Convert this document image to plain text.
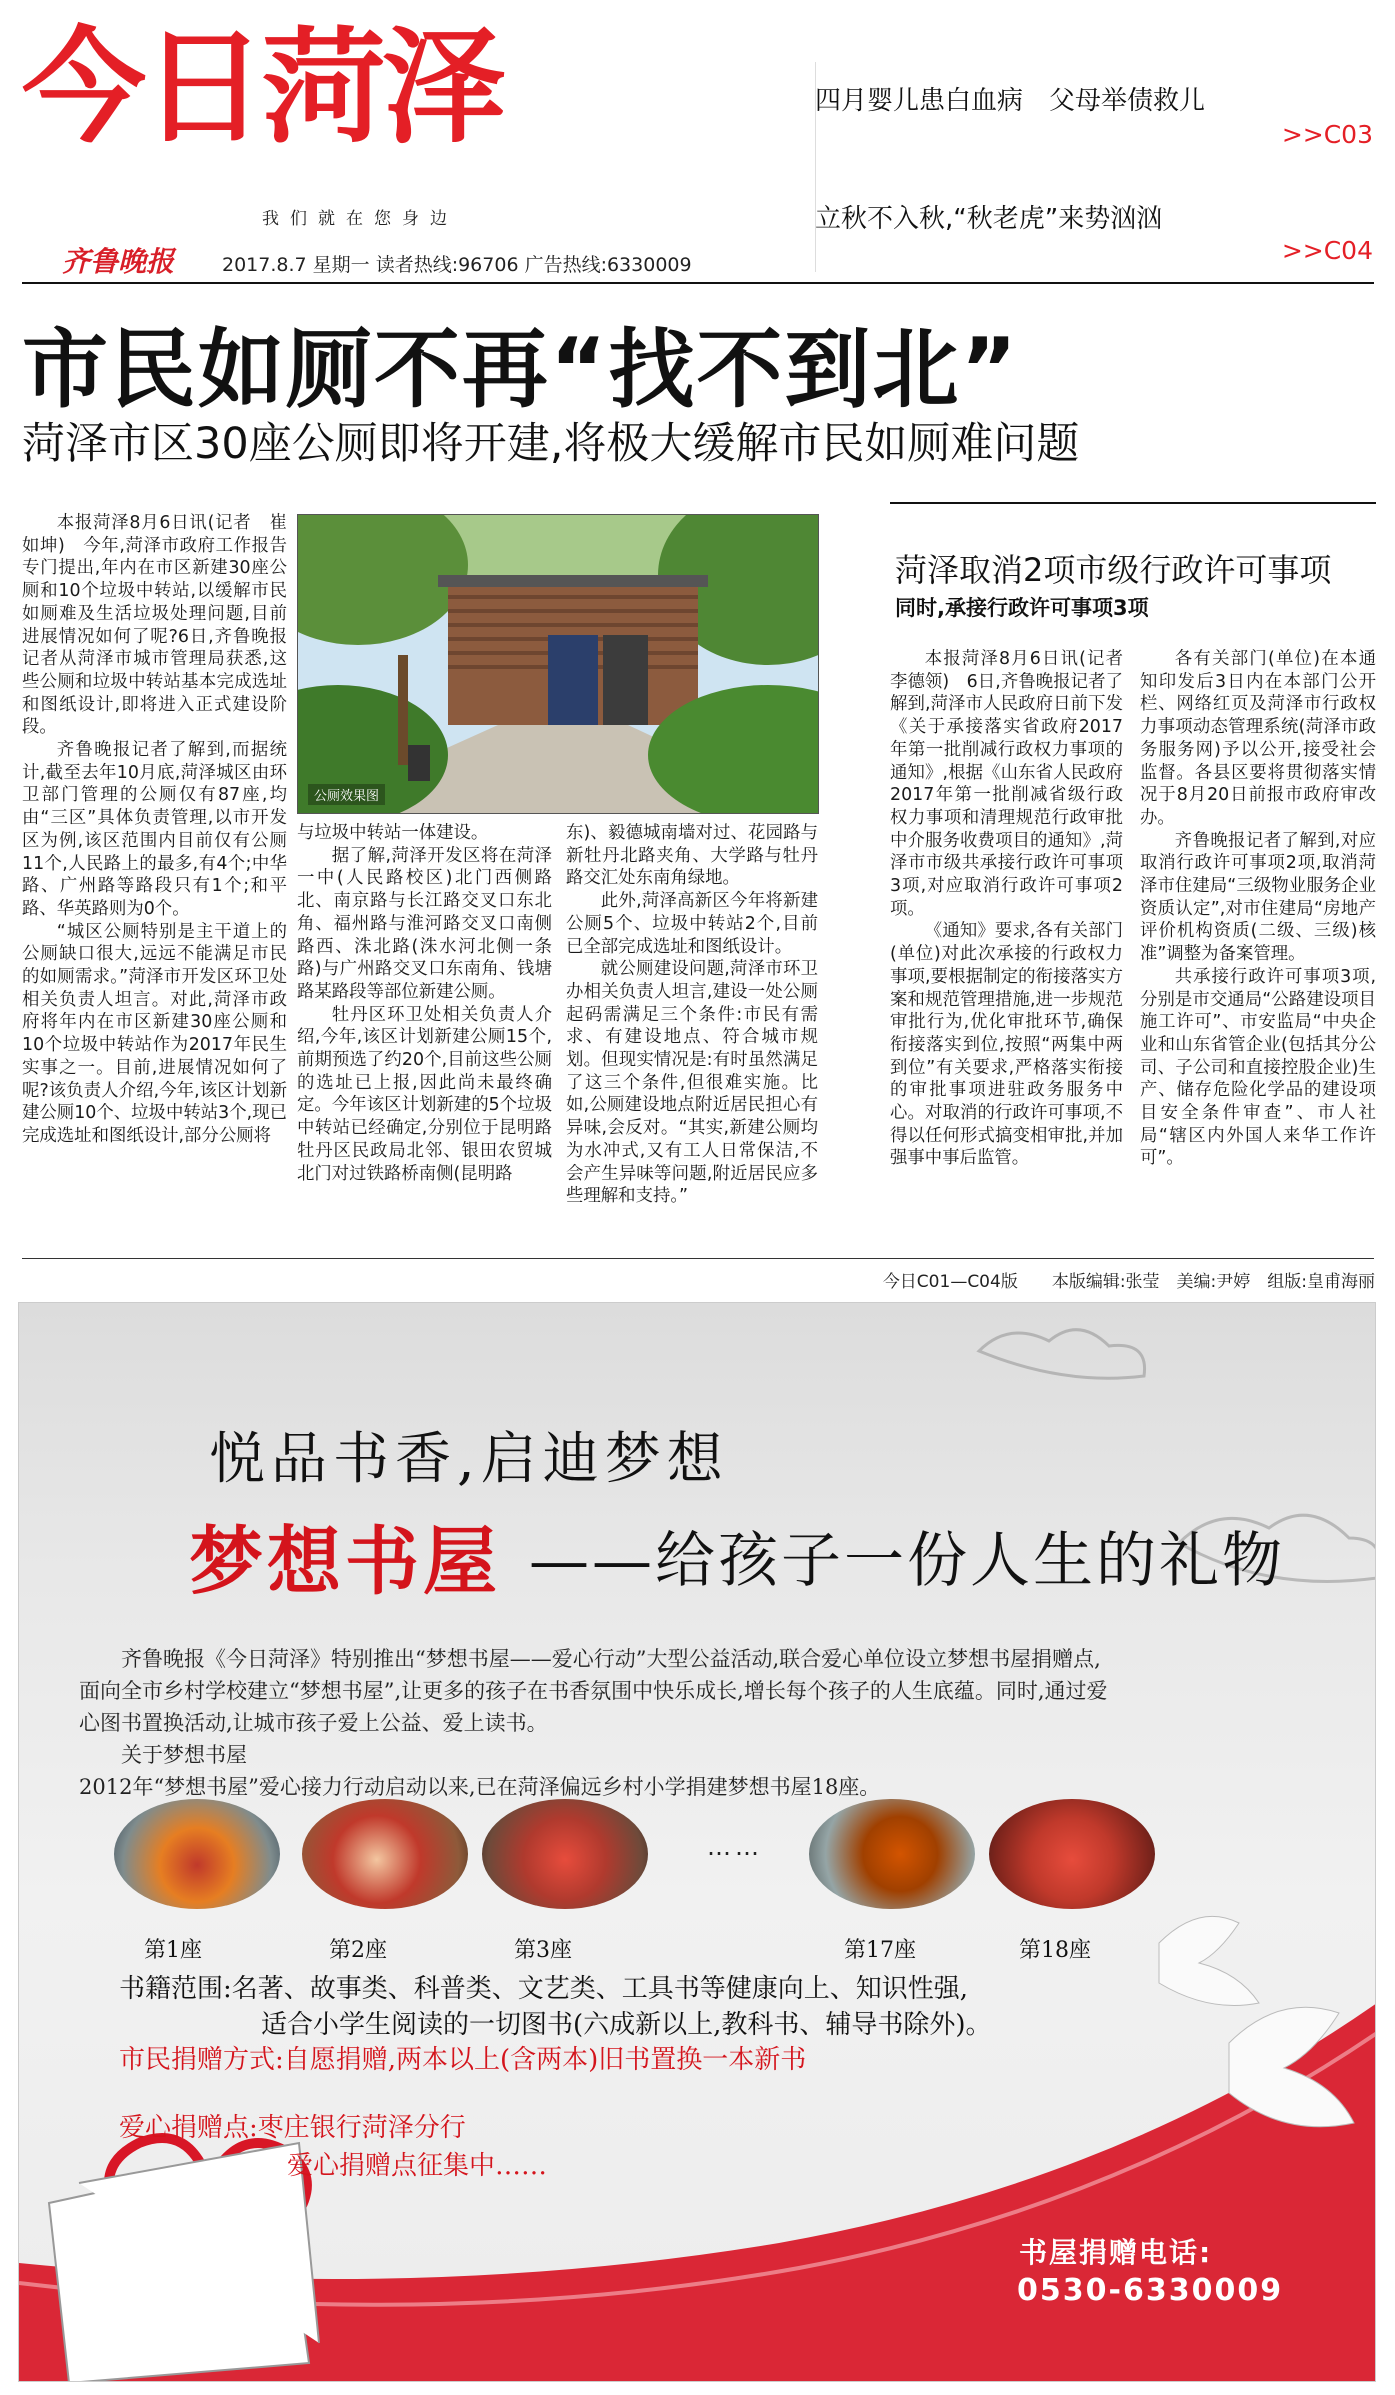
今日菏泽
我们就在您身边
齐鲁晚报	2017.8.7 星期一 读者热线:96706 广告热线:6330009
四月婴儿患白血病　父母举债救儿
>>C03
立秋不入秋,“秋老虎”来势汹汹
>>C04
市民如厕不再“找不到北”
菏泽市区30座公厕即将开建,将极大缓解市民如厕难问题

本报菏泽8月6日讯(记者　崔如坤)　今年,菏泽市政府工作报告专门提出,年内在市区新建30座公厕和10个垃圾中转站,以缓解市民如厕难及生活垃圾处理问题,目前进展情况如何了呢?6日,齐鲁晚报记者从菏泽市城市管理局获悉,这些公厕和垃圾中转站基本完成选址和图纸设计,即将进入正式建设阶段。

齐鲁晚报记者了解到,而据统计,截至去年10月底,菏泽城区由环卫部门管理的公厕仅有87座,均由“三区”具体负责管理,以市开发区为例,该区范围内目前仅有公厕11个,人民路上的最多,有4个;中华路、广州路等路段只有1个;和平路、华英路则为0个。

“城区公厕特别是主干道上的公厕缺口很大,远远不能满足市民的如厕需求。”菏泽市开发区环卫处相关负责人坦言。对此,菏泽市政府将年内在市区新建30座公厕和10个垃圾中转站作为2017年民生实事之一。目前,进展情况如何了呢?该负责人介绍,今年,该区计划新建公厕10个、垃圾中转站3个,现已完成选址和图纸设计,部分公厕将

公厕效果图

与垃圾中转站一体建设。

据了解,菏泽开发区将在菏泽一中(人民路校区)北门西侧路北、南京路与长江路交叉口东北角、福州路与淮河路交叉口南侧路西、洙北路(洙水河北侧一条路)与广州路交叉口东南角、钱塘路某路段等部位新建公厕。

牡丹区环卫处相关负责人介绍,今年,该区计划新建公厕15个,前期预选了约20个,目前这些公厕的选址已上报,因此尚未最终确定。今年该区计划新建的5个垃圾中转站已经确定,分别位于昆明路牡丹区民政局北邻、银田农贸城北门对过铁路桥南侧(昆明路

东)、毅德城南墙对过、花园路与新牡丹北路夹角、大学路与牡丹路交汇处东南角绿地。

此外,菏泽高新区今年将新建公厕5个、垃圾中转站2个,目前已全部完成选址和图纸设计。

就公厕建设问题,菏泽市环卫办相关负责人坦言,建设一处公厕起码需满足三个条件:市民有需求、有建设地点、符合城市规划。但现实情况是:有时虽然满足了这三个条件,但很难实施。比如,公厕建设地点附近居民担心有异味,会反对。“其实,新建公厕均为水冲式,又有工人日常保洁,不会产生异味等问题,附近居民应多些理解和支持。”

菏泽取消2项市级行政许可事项
同时,承接行政许可事项3项

本报菏泽8月6日讯(记者　李德领)　6日,齐鲁晚报记者了解到,菏泽市人民政府日前下发《关于承接落实省政府2017年第一批削减行政权力事项的通知》,根据《山东省人民政府2017年第一批削减省级行政权力事项和清理规范行政审批中介服务收费项目的通知》,菏泽市市级共承接行政许可事项3项,对应取消行政许可事项2项。

《通知》要求,各有关部门(单位)对此次承接的行政权力事项,要根据制定的衔接落实方案和规范管理措施,进一步规范审批行为,优化审批环节,确保衔接落实到位,按照“两集中两到位”有关要求,严格落实衔接的审批事项进驻政务服务中心。对取消的行政许可事项,不得以任何形式搞变相审批,并加强事中事后监管。

各有关部门(单位)在本通知印发后3日内在本部门公开栏、网络红页及菏泽市行政权力事项动态管理系统(菏泽市政务服务网)予以公开,接受社会监督。各县区要将贯彻落实情况于8月20日前报市政府审改办。

齐鲁晚报记者了解到,对应取消行政许可事项2项,取消菏泽市住建局“三级物业服务企业资质认定”,对市住建局“房地产评价机构资质(二级、三级)核准”调整为备案管理。

共承接行政许可事项3项,分别是市交通局“公路建设项目施工许可”、市安监局“中央企业和山东省管企业(包括其分公司、子公司和直接控股企业)生产、储存危险化学品的建设项目安全条件审查”、市人社局“辖区内外国人来华工作许可”。

今日C01—C04版　　本版编辑:张莹　美编:尹婷　组版:皇甫海丽
悦品书香,启迪梦想
梦想书屋 ——给孩子一份人生的礼物

　　齐鲁晚报《今日菏泽》特别推出“梦想书屋——爱心行动”大型公益活动,联合爱心单位设立梦想书屋捐赠点,

面向全市乡村学校建立“梦想书屋”,让更多的孩子在书香氛围中快乐成长,增长每个孩子的人生底蕴。同时,通过爱

心图书置换活动,让城市孩子爱上公益、爱上读书。

　　关于梦想书屋

2012年“梦想书屋”爱心接力行动启动以来,已在菏泽偏远乡村小学捐建梦想书屋18座。

……
第1座	第2座	第3座	第17座	第18座
书籍范围:名著、故事类、科普类、文艺类、工具书等健康向上、知识性强,
适合小学生阅读的一切图书(六成新以上,教科书、辅导书除外)。
市民捐赠方式:自愿捐赠,两本以上(含两本)旧书置换一本新书
爱心捐赠点:枣庄银行菏泽分行
爱心捐赠点征集中……
书屋捐赠电话:
0530-6330009
